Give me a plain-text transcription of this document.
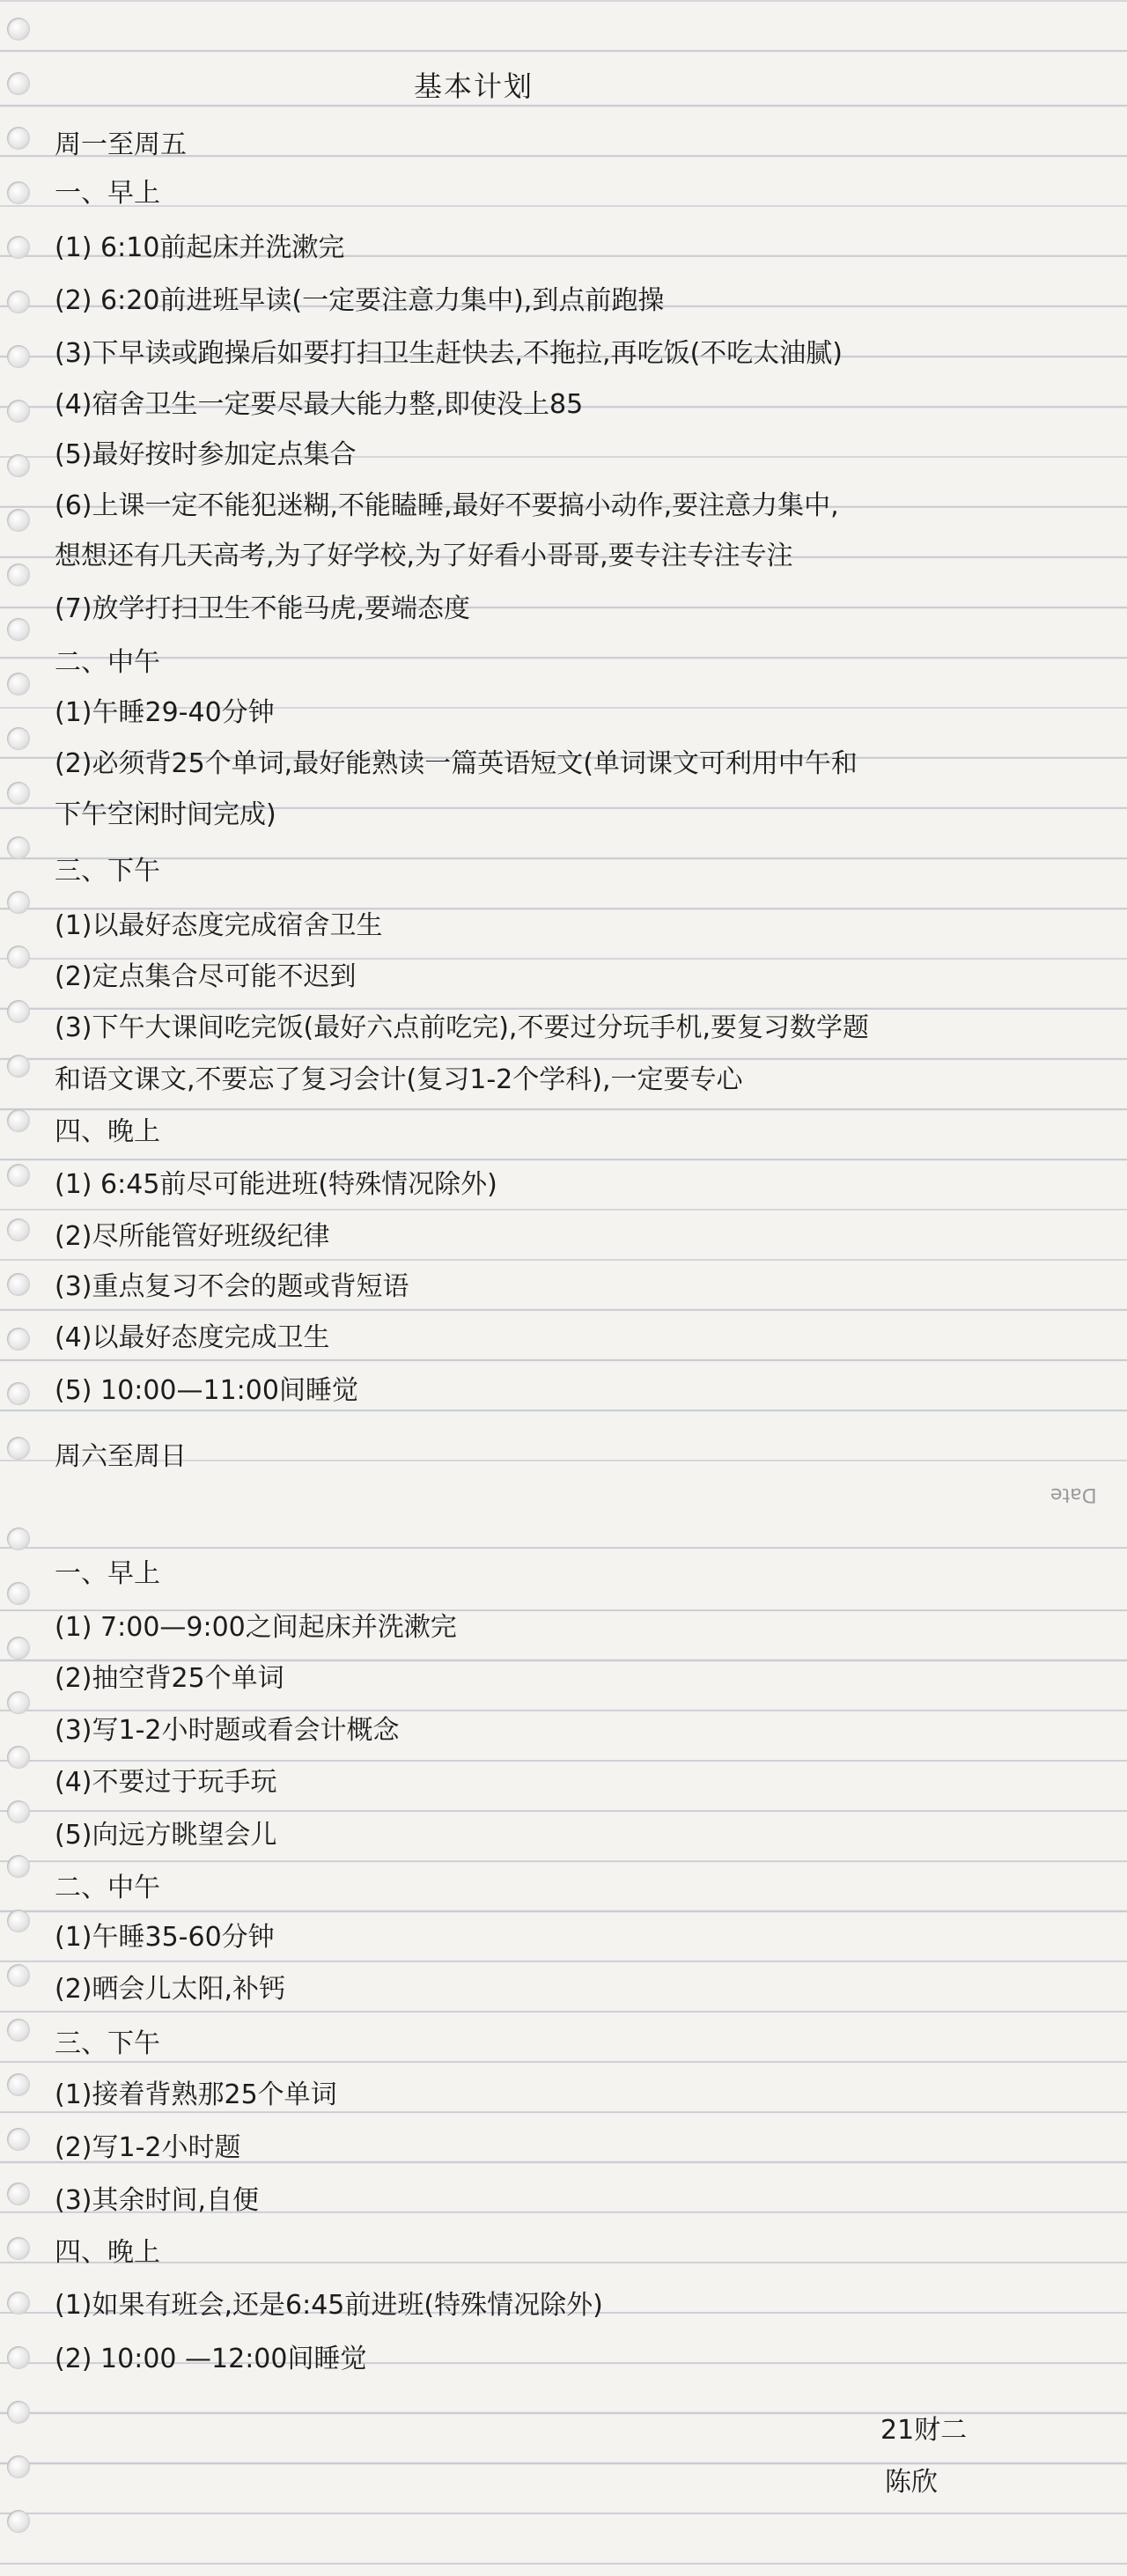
基本计划
周一至周五
一、早上
(1) 6:10前起床并洗漱完
(2) 6:20前进班早读(一定要注意力集中),到点前跑操
(3)下早读或跑操后如要打扫卫生赶快去,不拖拉,再吃饭(不吃太油腻)
(4)宿舍卫生一定要尽最大能力整,即使没上85
(5)最好按时参加定点集合
(6)上课一定不能犯迷糊,不能瞌睡,最好不要搞小动作,要注意力集中,
想想还有几天高考,为了好学校,为了好看小哥哥,要专注专注专注
(7)放学打扫卫生不能马虎,要端态度
二、中午
(1)午睡29-40分钟
(2)必须背25个单词,最好能熟读一篇英语短文(单词课文可利用中午和
下午空闲时间完成)
三、下午
(1)以最好态度完成宿舍卫生
(2)定点集合尽可能不迟到
(3)下午大课间吃完饭(最好六点前吃完),不要过分玩手机,要复习数学题
和语文课文,不要忘了复习会计(复习1-2个学科),一定要专心
四、晚上
(1) 6:45前尽可能进班(特殊情况除外)
(2)尽所能管好班级纪律
(3)重点复习不会的题或背短语
(4)以最好态度完成卫生
(5) 10:00—11:00间睡觉
周六至周日
Date
一、早上
(1) 7:00—9:00之间起床并洗漱完
(2)抽空背25个单词
(3)写1-2小时题或看会计概念
(4)不要过于玩手玩
(5)向远方眺望会儿
二、中午
(1)午睡35-60分钟
(2)晒会儿太阳,补钙
三、下午
(1)接着背熟那25个单词
(2)写1-2小时题
(3)其余时间,自便
四、晚上
(1)如果有班会,还是6:45前进班(特殊情况除外)
(2) 10:00 —12:00间睡觉
21财二
陈欣
